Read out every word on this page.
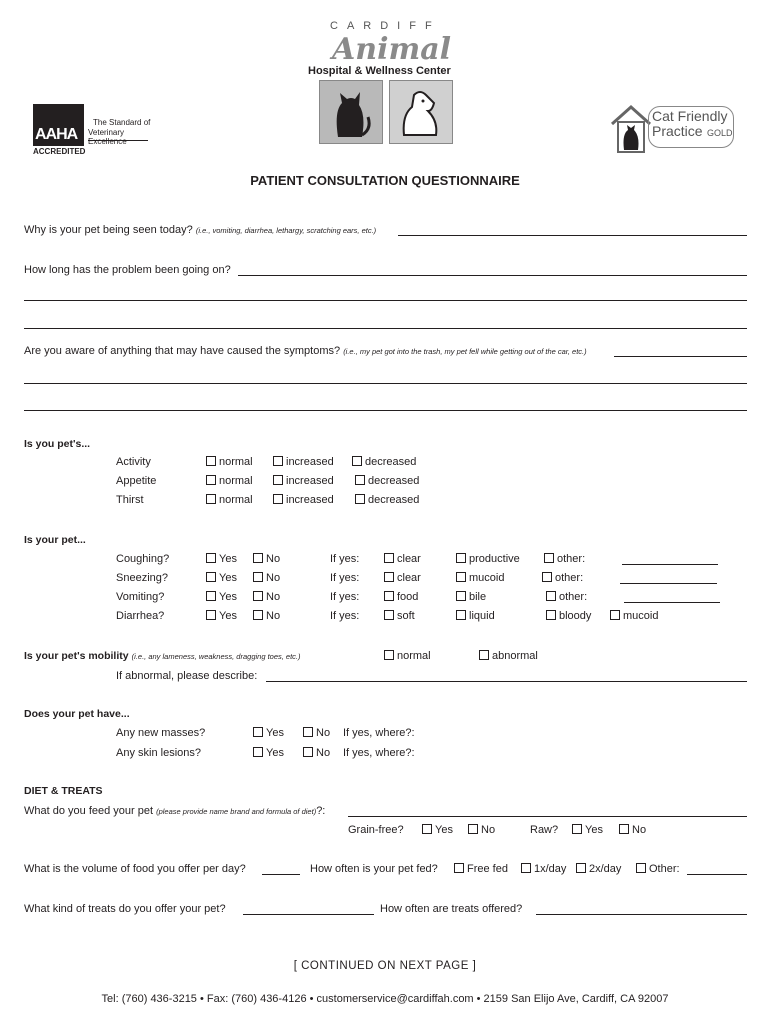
CARDIFF
Animal
Hospital & Wellness Center
AAHA
The Standard of
Veterinary Excellence
ACCREDITED
Cat Friendly
Practice GOLD
PATIENT CONSULTATION QUESTIONNAIRE
Why is your pet being seen today? (i.e., vomiting, diarrhea, lethargy, scratching ears, etc.)
How long has the problem been going on?
Are you aware of anything that may have caused the symptoms? (i.e., my pet got into the trash, my pet fell while getting out of the car, etc.)
Is you pet's...
Activity	normal	increased	decreased
Appetite	normal	increased	decreased
Thirst	normal	increased	decreased
Is your pet...
Coughing?	Yes	No	If yes:	clear	productive	other:
Sneezing?	Yes	No	If yes:	clear	mucoid	other:
Vomiting?	Yes	No	If yes:	food	bile	other:
Diarrhea?	Yes	No	If yes:	soft	liquid	bloody	mucoid
Is your pet's mobility (i.e., any lameness, weakness, dragging toes, etc.)	normal	abnormal
If abnormal, please describe:
Does your pet have...
Any new masses?	Yes	No If yes, where?:
Any skin lesions?	Yes	No If yes, where?:
DIET & TREATS
What do you feed your pet (please provide name brand and formula of diet)?:
Grain-free?	Yes	No	Raw?	Yes	No
What is the volume of food you offer per day?	How often is your pet fed?	Free fed	1x/day	2x/day	Other:
What kind of treats do you offer your pet?	How often are treats offered?
[ CONTINUED ON NEXT PAGE ]
Tel: (760) 436-3215 • Fax: (760) 436-4126 • customerservice@cardiffah.com • 2159 San Elijo Ave, Cardiff, CA 92007
